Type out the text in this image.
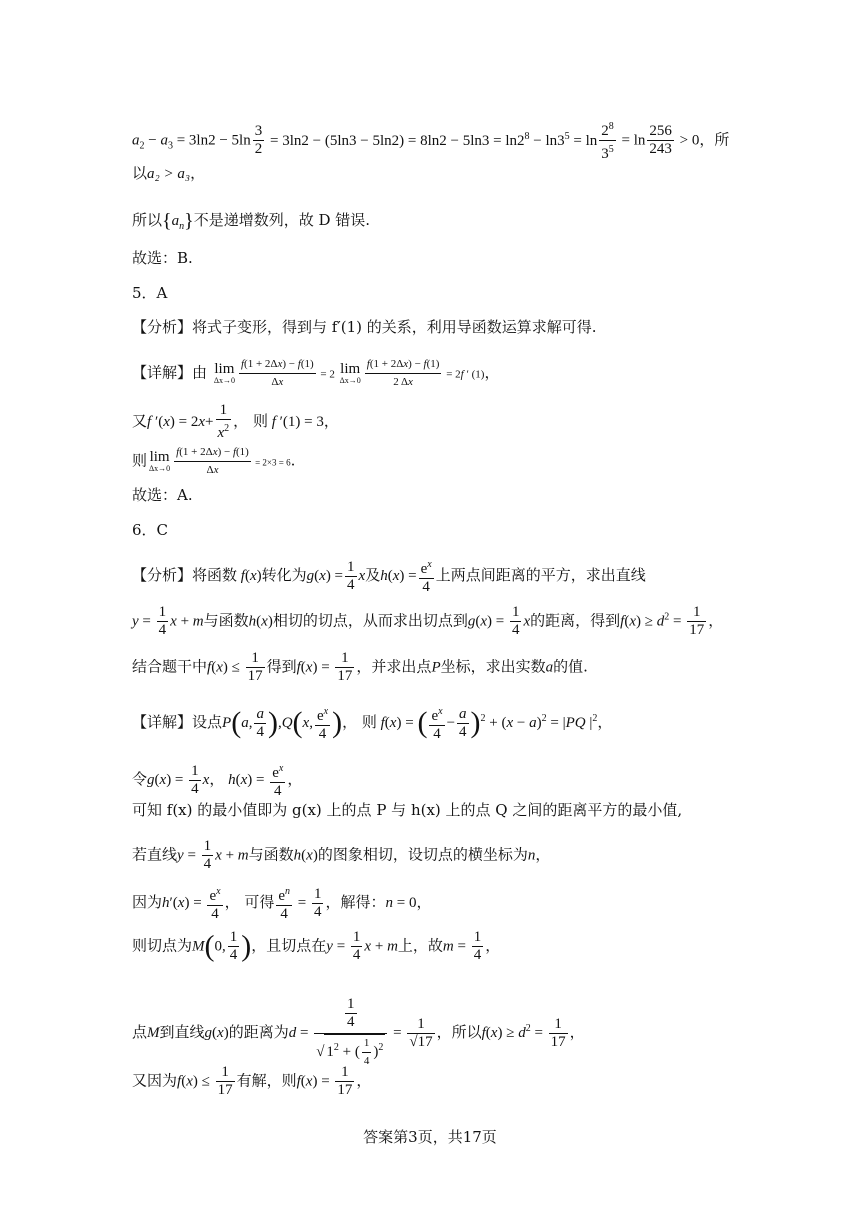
$a_2 - a_3 = 3\ln 2 - 5\ln \frac{3}{2} = 3\ln 2 - (5\ln 3 - 5\ln 2) = 8\ln 2 - 5\ln 3 = \ln 2^8 - \ln 3^5 = \ln \frac{2^8}{3^5} = \ln \frac{256}{243} > 0$，所
以a₂ > a₃，
所以$\{a_n\}$不是递增数列，故 D 错误.
故选：B.
5．A
【分析】将式子变形，得到与 f′(1) 的关系，利用导函数运算求解可得.
【详解】由 lim
$\Delta x\to 0 \frac{f(1 + 2\Delta x) - f(1)}{\Delta x} = 2$ lim
$\Delta x\to 0 \frac{f(1 + 2\Delta x) - f(1)}{2 \Delta x} = 2f$ ′ (1)，
又f $'(x) = 2x+ \frac{1}{x^2}$ ， 则 f ′(1) = 3，
则 lim
$\Delta x\to 0 \frac{f(1 + 2\Delta x) - f(1)}{\Delta x} = 2\times 3 = 6$.
故选：A.
6．C
【分析】将函数 f(x)转化为$g(x) = \frac{1}{4}$ x及$h(x) = \frac{e^x}{4}$ 上两点间距离的平方，求出直线
$y = \frac{1}{4}$ x + m与函数h(x)相切的切点，从而求出切点到$g(x) = \frac{1}{4}$ x的距离，得到$f(x) \ge d^2 = \frac{1}{17}$ ，
结合题干中$f(x) \le \frac{1}{17}$ 得到$f(x) = \frac{1}{17}$ ，并求出点P坐标，求出实数a的值.
【详解】设点P(a, $\frac{a}{4} ),Q(x$, $\frac{e^x}{4}$ )， 则 f(x) = ( $\frac{e^x}{4} - \frac{a}{4} )^2 + (x - a)^2 = |PQ$ $|^2$，
令$g(x) = \frac{1}{4}$ x， $h(x) = \frac{e^x}{4}$ ，
可知 f(x) 的最小值即为 g(x) 上的点 P 与 h(x) 上的点 Q 之间的距离平方的最小值,
若直线$y = \frac{1}{4}$ x + m与函数h(x)的图象相切，设切点的横坐标为n，
因为$h'(x) = \frac{e^x}{4}$ ， 可得 $\frac{e^n}{4} = \frac{1}{4}$ ，解得：n = 0，
则切点为M(0, $\frac{1}{4}$ )，且切点在$y = \frac{1}{4}$ x + m上，故$m = \frac{1}{4}$ ，
点M到直线g(x)的距离为$d = \frac{\frac{1}{4}}{√ 1^2 + ( \frac{1}{4} )^2} = \frac{1}{√17}$ ，所以$f(x) \ge d^2 = \frac{1}{17}$ ，
又因为$f(x) \le \frac{1}{17}$ 有解，则$f(x) = \frac{1}{17}$ ，
答案第3页，共17页
